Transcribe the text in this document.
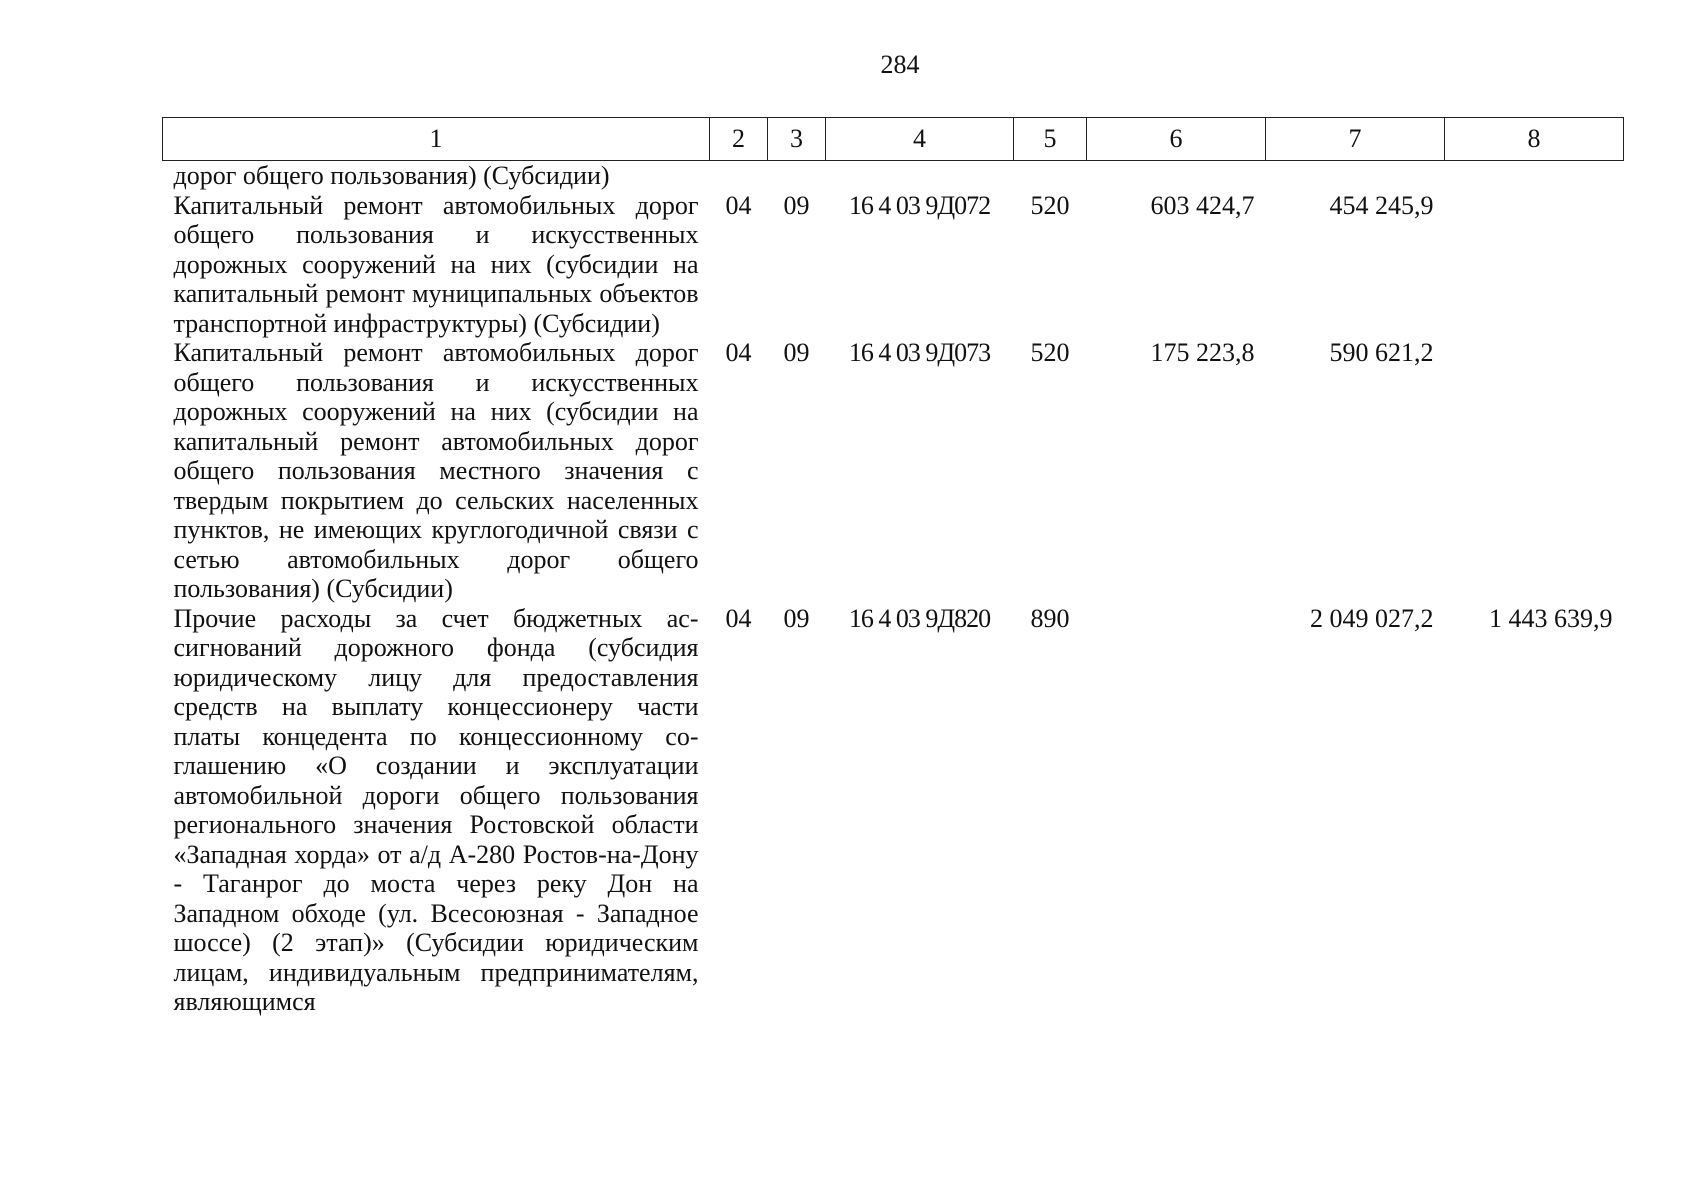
284
1	2	3	4	5	6	7	8
дорог общего пользования) (Субсидии)							
Капитальный ремонт автомобильных дорог общего пользования и искусственных дорожных сооружений на них (субсидии на капитальный ремонт муниципальных объектов транспортной инфраструктуры) (Субсидии)	04	09	16 4 03 9Д072	520	603 424,7	454 245,9	
Капитальный ремонт автомобильных дорог общего пользования и искусственных дорожных сооружений на них (субсидии на капитальный ремонт автомобильных дорог общего пользования местного значения с твердым покрытием до сельских населенных пунктов, не имеющих круглогодичной связи с сетью автомобильных дорог общего пользования) (Субсидии)	04	09	16 4 03 9Д073	520	175 223,8	590 621,2	
Прочие расходы за счет бюджетных ассигнований дорожного фонда (субсидия юридическому лицу для предоставления средств на выплату концессионеру части платы концедента по концессионному соглашению «О создании и эксплуатации автомобильной дороги общего пользования регионального значения Ростовской области «Западная хорда» от а/д А-280 Ростов-на-Дону - Таганрог до моста через реку Дон на Западном обходе (ул. Всесоюзная - Западное шоссе) (2 этап)» (Субсидии юридическим лицам, индивидуальным предпринимателям, являющимся	04	09	16 4 03 9Д820	890		2 049 027,2	1 443 639,9
